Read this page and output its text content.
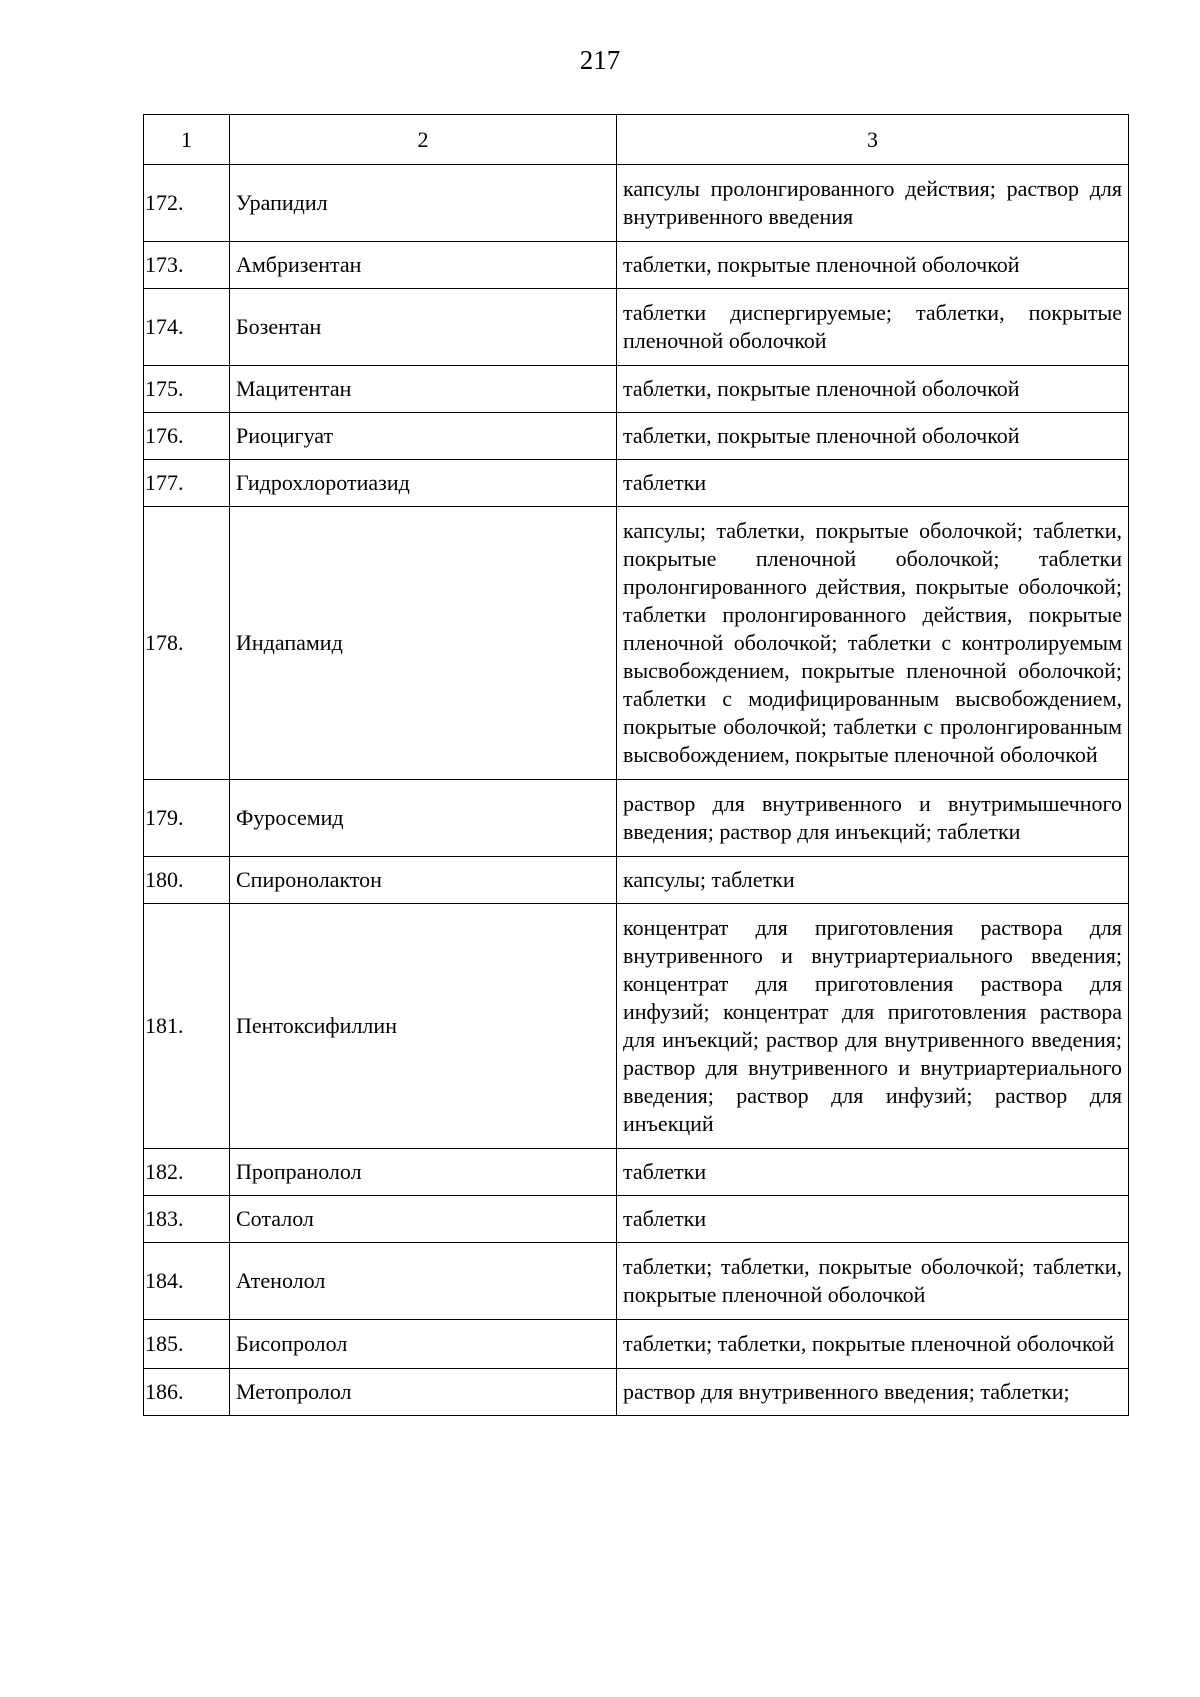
217
1	2	3
172.	Урапидил	капсулы пролонгированного действия; раствор для внутривенного введения
173.	Амбризентан	таблетки, покрытые пленочной оболочкой
174.	Бозентан	таблетки диспергируемые; таблетки, покрытые пленочной оболочкой
175.	Мацитентан	таблетки, покрытые пленочной оболочкой
176.	Риоцигуат	таблетки, покрытые пленочной оболочкой
177.	Гидрохлоротиазид	таблетки
178.	Индапамид	капсулы; таблетки, покрытые оболочкой; таблетки, покрытые пленочной оболочкой; таблетки пролонгированного действия, покрытые оболочкой; таблетки пролонгированного действия, покрытые пленочной оболочкой; таблетки с контролируемым высвобождением, покрытые пленочной оболочкой; таблетки с модифицированным высвобождением, покрытые оболочкой; таблетки с пролонгированным высвобождением, покрытые пленочной оболочкой
179.	Фуросемид	раствор для внутривенного и внутримышечного введения; раствор для инъекций; таблетки
180.	Спиронолактон	капсулы; таблетки
181.	Пентоксифиллин	концентрат для приготовления раствора для внутривенного и внутриартериального введения; концентрат для приготовления раствора для инфузий; концентрат для приготовления раствора для инъекций; раствор для внутривенного введения; раствор для внутривенного и внутриартериального введения; раствор для инфузий; раствор для инъекций
182.	Пропранолол	таблетки
183.	Соталол	таблетки
184.	Атенолол	таблетки; таблетки, покрытые оболочкой; таблетки, покрытые пленочной оболочкой
185.	Бисопролол	таблетки; таблетки, покрытые пленочной оболочкой
186.	Метопролол	раствор для внутривенного введения; таблетки;
